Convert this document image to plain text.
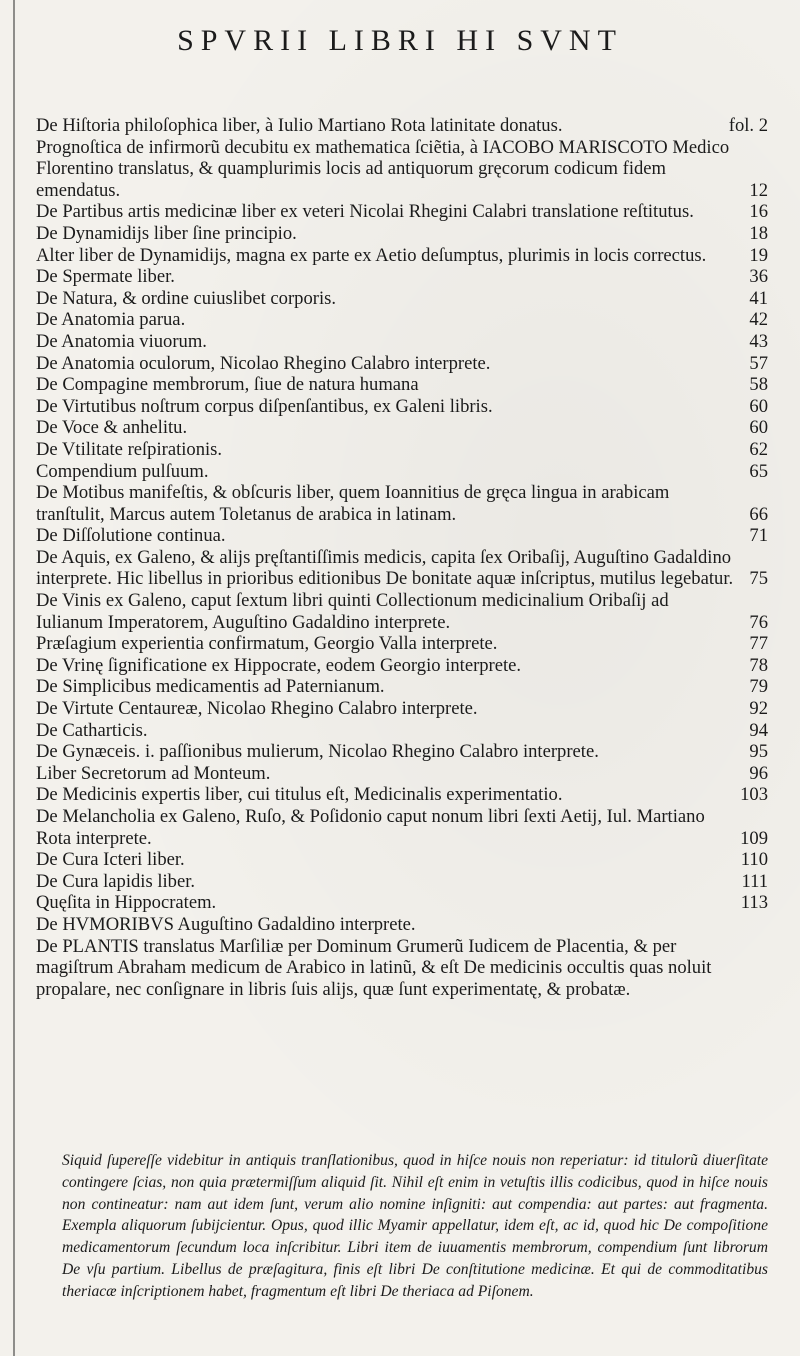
SPVRII LIBRI HI SVNT
De Hiſtoria philoſophica liber, à Iulio Martiano Rota latinitate donatus.	fol. 2
Prognoſtica de infirmorũ decubitu ex mathematica ſciẽtia, à IACOBO MARISCOTO Medico Florentino translatus, & quamplurimis locis ad antiquorum gręcorum codicum fidem emendatus.	12
De Partibus artis medicinæ liber ex veteri Nicolai Rhegini Calabri translatione reſtitutus.	16
De Dynamidijs liber ſine principio.	18
Alter liber de Dynamidijs, magna ex parte ex Aetio deſumptus, plurimis in locis correctus.	19
De Spermate liber.	36
De Natura, & ordine cuiuslibet corporis.	41
De Anatomia parua.	42
De Anatomia viuorum.	43
De Anatomia oculorum, Nicolao Rhegino Calabro interprete.	57
De Compagine membrorum, ſiue de natura humana	58
De Virtutibus noſtrum corpus diſpenſantibus, ex Galeni libris.	60
De Voce & anhelitu.	60
De Vtilitate reſpirationis.	62
Compendium pulſuum.	65
De Motibus manifeſtis, & obſcuris liber, quem Ioannitius de gręca lingua in arabicam tranſtulit, Marcus autem Toletanus de arabica in latinam.	66
De Diſſolutione continua.	71
De Aquis, ex Galeno, & alijs pręſtantiſſimis medicis, capita ſex Oribaſij, Auguſtino Gadaldino interprete. Hic libellus in prioribus editionibus De bonitate aquæ inſcriptus, mutilus legebatur. 75
De Vinis ex Galeno, caput ſextum libri quinti Collectionum medicinalium Oribaſij ad Iulianum Imperatorem, Auguſtino Gadaldino interprete.	76
Præſagium experientia confirmatum, Georgio Valla interprete.	77
De Vrinę ſignificatione ex Hippocrate, eodem Georgio interprete.	78
De Simplicibus medicamentis ad Paternianum.	79
De Virtute Centaureæ, Nicolao Rhegino Calabro interprete.	92
De Catharticis.	94
De Gynæceis. i. paſſionibus mulierum, Nicolao Rhegino Calabro interprete.	95
Liber Secretorum ad Monteum.	96
De Medicinis expertis liber, cui titulus eſt, Medicinalis experimentatio.	103
De Melancholia ex Galeno, Ruſo, & Poſidonio caput nonum libri ſexti Aetij, Iul. Martiano Rota interprete.	109
De Cura Icteri liber.	110
De Cura lapidis liber.	111
Quęſita in Hippocratem.	113
De HVMORIBVS Auguſtino Gadaldino interprete.
De PLANTIS translatus Marſiliæ per Dominum Grumerũ Iudicem de Placentia, & per magiſtrum Abraham medicum de Arabico in latinũ, & eſt De medicinis occultis quas noluit propalare, nec conſignare in libris ſuis alijs, quæ ſunt experimentatę, & probatæ.

Siquid ſupereſſe videbitur in antiquis tranſlationibus, quod in hiſce nouis non reperiatur: id titulorũ diuerſitate contingere ſcias, non quia prætermiſſum aliquid ſit. Nihil eſt enim in vetuſtis illis codicibus, quod in hiſce nouis non contineatur: nam aut idem ſunt, verum alio nomine inſigniti: aut compendia: aut partes: aut fragmenta. Exempla aliquorum ſubijcientur. Opus, quod illic Myamir appellatur, idem eſt, ac id, quod hic De compoſitione medicamentorum ſecundum loca inſcribitur. Libri item de iuuamentis membrorum, compendium ſunt librorum De vſu partium. Libellus de præſagitura, finis eſt libri De conſtitutione medicinæ. Et qui de commoditatibus theriacæ inſcriptionem habet, fragmentum eſt libri De theriaca ad Piſonem.
